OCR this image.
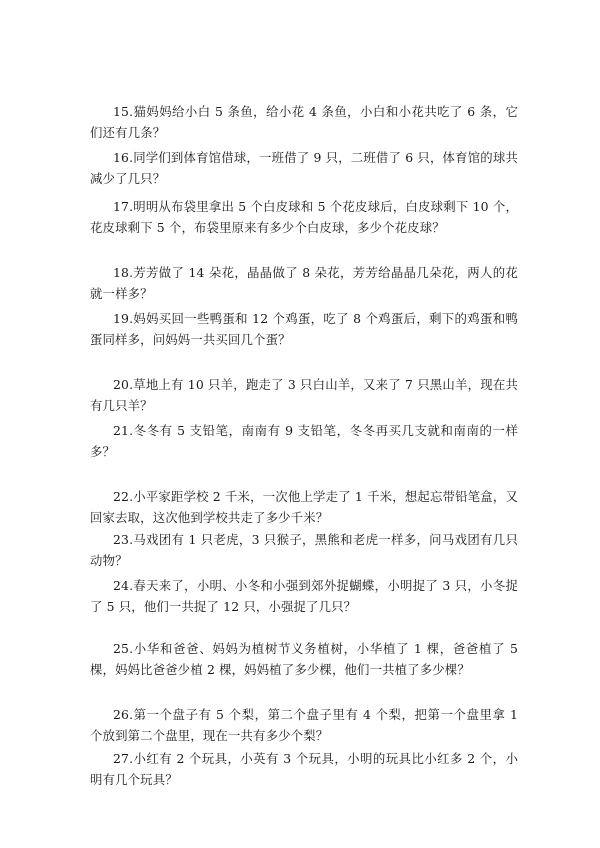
15.猫妈妈给小白 5 条鱼，给小花 4 条鱼，小白和小花共吃了 6 条，它们还有几条？

16.同学们到体育馆借球，一班借了 9 只，二班借了 6 只，体育馆的球共减少了几只？

17.明明从布袋里拿出 5 个白皮球和 5 个花皮球后，白皮球剩下 10 个，花皮球剩下 5 个，布袋里原来有多少个白皮球，多少个花皮球？

18.芳芳做了 14 朵花，晶晶做了 8 朵花，芳芳给晶晶几朵花，两人的花就一样多？

19.妈妈买回一些鸭蛋和 12 个鸡蛋，吃了 8 个鸡蛋后，剩下的鸡蛋和鸭蛋同样多，问妈妈一共买回几个蛋？

20.草地上有 10 只羊，跑走了 3 只白山羊，又来了 7 只黑山羊，现在共有几只羊？

21.冬冬有 5 支铅笔，南南有 9 支铅笔，冬冬再买几支就和南南的一样多？

22.小平家距学校 2 千米，一次他上学走了 1 千米，想起忘带铅笔盒，又回家去取，这次他到学校共走了多少千米？

23.马戏团有 1 只老虎，3 只猴子，黑熊和老虎一样多，问马戏团有几只动物？

24.春天来了，小明、小冬和小强到郊外捉蝴蝶，小明捉了 3 只，小冬捉了 5 只，他们一共捉了 12 只，小强捉了几只？

25.小华和爸爸、妈妈为植树节义务植树，小华植了 1 棵，爸爸植了 5 棵，妈妈比爸爸少植 2 棵，妈妈植了多少棵，他们一共植了多少棵？

26.第一个盘子有 5 个梨，第二个盘子里有 4 个梨，把第一个盘里拿 1 个放到第二个盘里，现在一共有多少个梨？

27.小红有 2 个玩具，小英有 3 个玩具，小明的玩具比小红多 2 个，小明有几个玩具？
